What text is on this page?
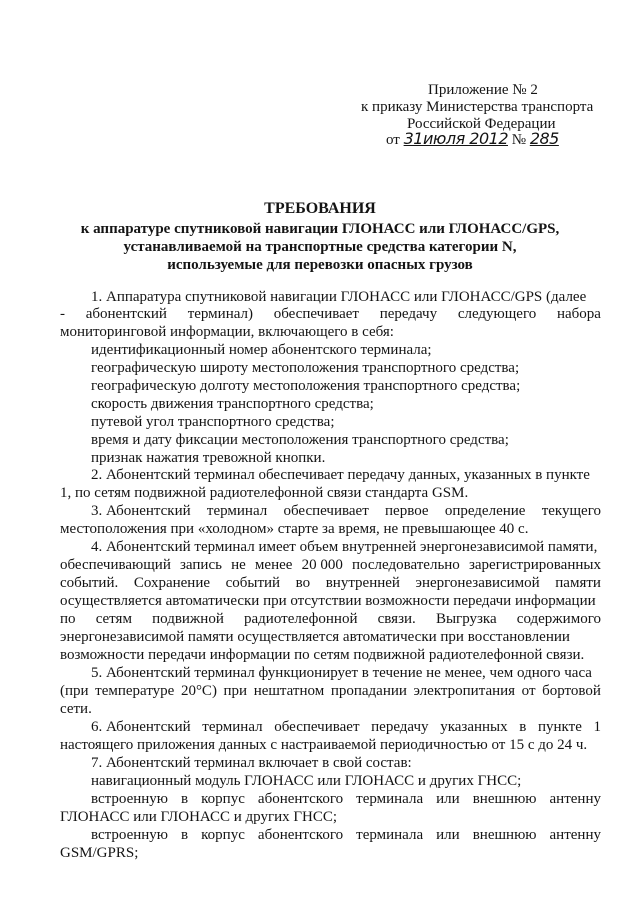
Приложение № 2
к приказу Министерства транспорта
Российской Федерации
от 31июля 2012 № 285
ТРЕБОВАНИЯ
к аппаратуре спутниковой навигации ГЛОНАСС или ГЛОНАСС/GPS,
устанавливаемой на транспортные средства категории N,
используемые для перевозки опасных грузов
1. Аппаратура спутниковой навигации ГЛОНАСС или ГЛОНАСС/GPS (далее
- абонентский терминал) обеспечивает передачу следующего набора
мониторинговой информации, включающего в себя:
идентификационный номер абонентского терминала;
географическую широту местоположения транспортного средства;
географическую долготу местоположения транспортного средства;
скорость движения транспортного средства;
путевой угол транспортного средства;
время и дату фиксации местоположения транспортного средства;
признак нажатия тревожной кнопки.
2. Абонентский терминал обеспечивает передачу данных, указанных в пункте
1, по сетям подвижной радиотелефонной связи стандарта GSM.
3. Абонентский терминал обеспечивает первое определение текущего
местоположения при «холодном» старте за время, не превышающее 40 с.
4. Абонентский терминал имеет объем внутренней энергонезависимой памяти,
обеспечивающий запись не менее 20 000 последовательно зарегистрированных
событий. Сохранение событий во внутренней энергонезависимой памяти
осуществляется автоматически при отсутствии возможности передачи информации
по сетям подвижной радиотелефонной связи. Выгрузка содержимого
энергонезависимой памяти осуществляется автоматически при восстановлении
возможности передачи информации по сетям подвижной радиотелефонной связи.
5. Абонентский терминал функционирует в течение не менее, чем одного часа
(при температуре 20°С) при нештатном пропадании электропитания от бортовой
сети.
6. Абонентский терминал обеспечивает передачу указанных в пункте 1
настоящего приложения данных с настраиваемой периодичностью от 15 с до 24 ч.
7. Абонентский терминал включает в свой состав:
навигационный модуль ГЛОНАСС или ГЛОНАСС и других ГНСС;
встроенную в корпус абонентского терминала или внешнюю антенну
ГЛОНАСС или ГЛОНАСС и других ГНСС;
встроенную в корпус абонентского терминала или внешнюю антенну
GSM/GPRS;
